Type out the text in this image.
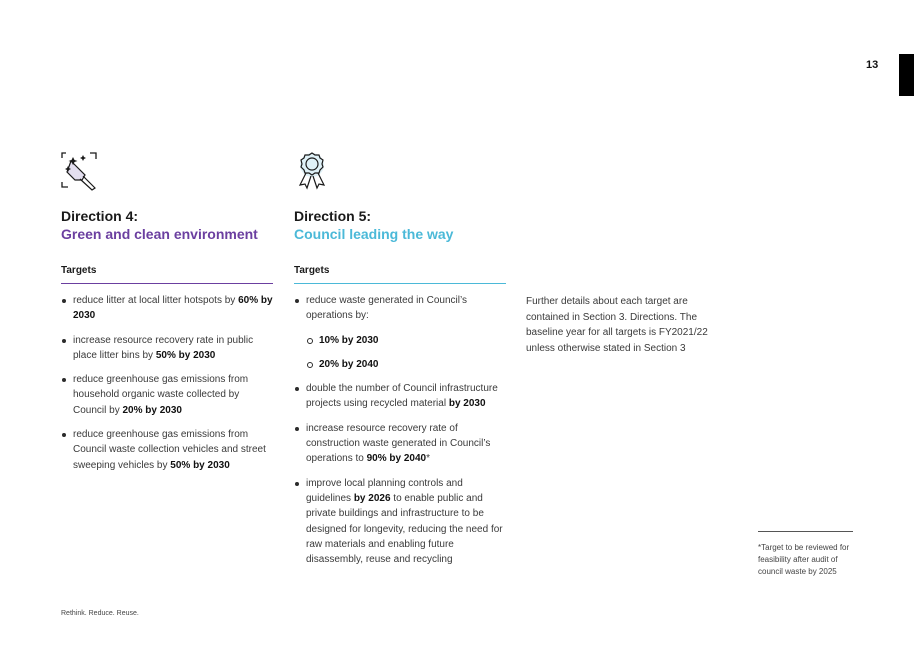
13
Direction 4:
Green and clean environment
Targets
reduce litter at local litter hotspots by 60% by 2030
increase resource recovery rate in public place litter bins by 50% by 2030
reduce greenhouse gas emissions from household organic waste collected by Council by 20% by 2030
reduce greenhouse gas emissions from Council waste collection vehicles and street sweeping vehicles by 50% by 2030
Direction 5:
Council leading the way
Targets
reduce waste generated in Council’s operations by:
10% by 2030
20% by 2040
double the number of Council infrastructure projects using recycled material by 2030
increase resource recovery rate of construction waste generated in Council’s operations to 90% by 2040*
improve local planning controls and guidelines by 2026 to enable public and private buildings and infrastructure to be designed for longevity, reducing the need for raw materials and enabling future disassembly, reuse and recycling
Further details about each target are contained in Section 3. Directions. The baseline year for all targets is FY2021/22 unless otherwise stated in Section 3
*Target to be reviewed for feasibility after audit of council waste by 2025
Rethink. Reduce. Reuse.
